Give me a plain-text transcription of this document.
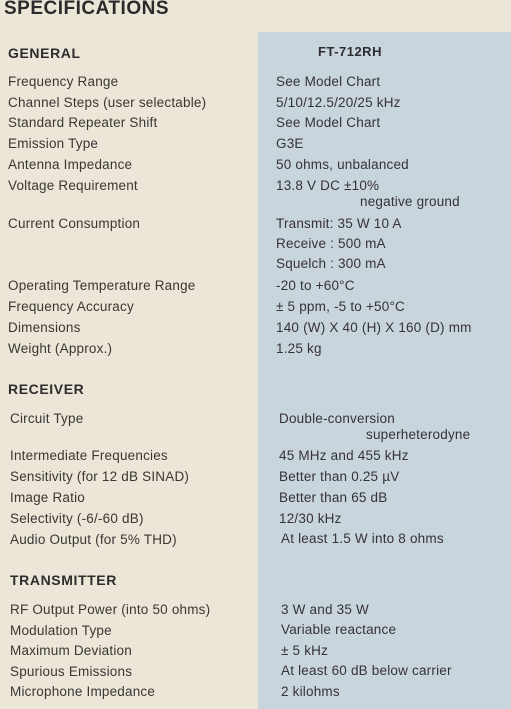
SPECIFICATIONS
FT-712RH
GENERAL
Frequency Range	See Model Chart
Channel Steps (user selectable)	5/10/12.5/20/25 kHz
Standard Repeater Shift	See Model Chart
Emission Type	G3E
Antenna Impedance	50 ohms, unbalanced
Voltage Requirement	13.8 V DC ±10%
negative ground
Current Consumption	Transmit: 35 W 10 A
Receive : 500 mA
Squelch : 300 mA
Operating Temperature Range	-20 to +60°C
Frequency Accuracy	± 5 ppm, -5 to +50°C
Dimensions	140 (W) X 40 (H) X 160 (D) mm
Weight (Approx.)	1.25 kg
RECEIVER
Circuit Type	Double-conversion
superheterodyne
Intermediate Frequencies	45 MHz and 455 kHz
Sensitivity (for 12 dB SINAD)	Better than 0.25 µV
Image Ratio	Better than 65 dB
Selectivity (-6/-60 dB)	12/30 kHz
Audio Output (for 5% THD)	At least 1.5 W into 8 ohms
TRANSMITTER
RF Output Power (into 50 ohms)	3 W and 35 W
Modulation Type	Variable reactance
Maximum Deviation	± 5 kHz
Spurious Emissions	At least 60 dB below carrier
Microphone Impedance	2 kilohms
